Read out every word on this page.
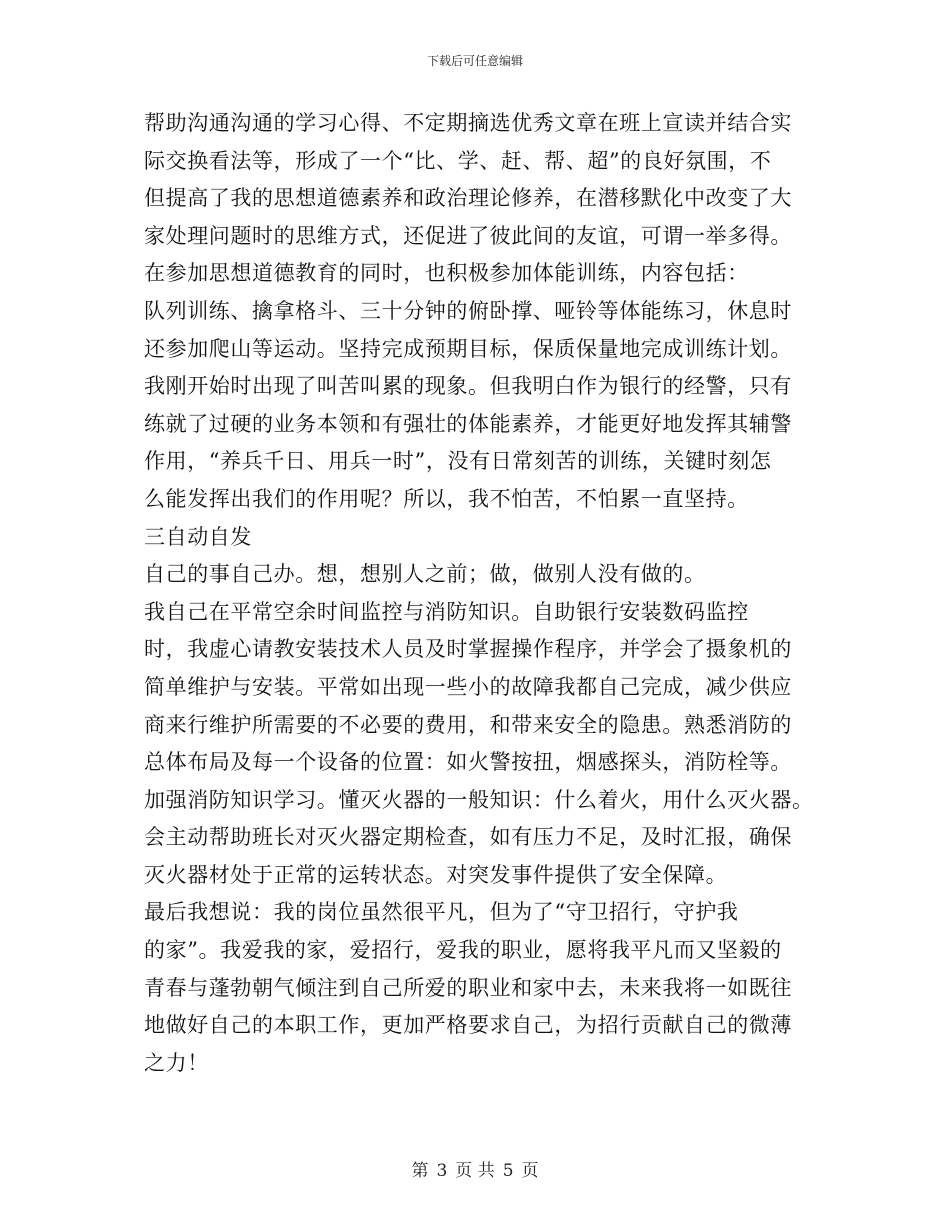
下载后可任意编辑
帮助沟通沟通的学习心得、不定期摘选优秀文章在班上宣读并结合实
际交换看法等，形成了一个“比、学、赶、帮、超”的良好氛围，不
但提高了我的思想道德素养和政治理论修养，在潜移默化中改变了大
家处理问题时的思维方式，还促进了彼此间的友谊，可谓一举多得。
在参加思想道德教育的同时，也积极参加体能训练，内容包括：
队列训练、擒拿格斗、三十分钟的俯卧撑、哑铃等体能练习，休息时
还参加爬山等运动。坚持完成预期目标，保质保量地完成训练计划。
我刚开始时出现了叫苦叫累的现象。但我明白作为银行的经警，只有
练就了过硬的业务本领和有强壮的体能素养，才能更好地发挥其辅警
作用，“养兵千日、用兵一时”，没有日常刻苦的训练，关键时刻怎
么能发挥出我们的作用呢？所以，我不怕苦，不怕累一直坚持。
三自动自发
自己的事自己办。想，想别人之前；做，做别人没有做的。
我自己在平常空余时间监控与消防知识。自助银行安装数码监控
时，我虚心请教安装技术人员及时掌握操作程序，并学会了摄象机的
简单维护与安装。平常如出现一些小的故障我都自己完成，减少供应
商来行维护所需要的不必要的费用，和带来安全的隐患。熟悉消防的
总体布局及每一个设备的位置：如火警按扭，烟感探头，消防栓等。
加强消防知识学习。懂灭火器的一般知识：什么着火，用什么灭火器。
会主动帮助班长对灭火器定期检查，如有压力不足，及时汇报，确保
灭火器材处于正常的运转状态。对突发事件提供了安全保障。
最后我想说：我的岗位虽然很平凡，但为了“守卫招行，守护我
的家”。我爱我的家，爱招行，爱我的职业，愿将我平凡而又坚毅的
青春与蓬勃朝气倾注到自己所爱的职业和家中去，未来我将一如既往
地做好自己的本职工作，更加严格要求自己，为招行贡献自己的微薄
之力！
第 3 页 共 5 页
